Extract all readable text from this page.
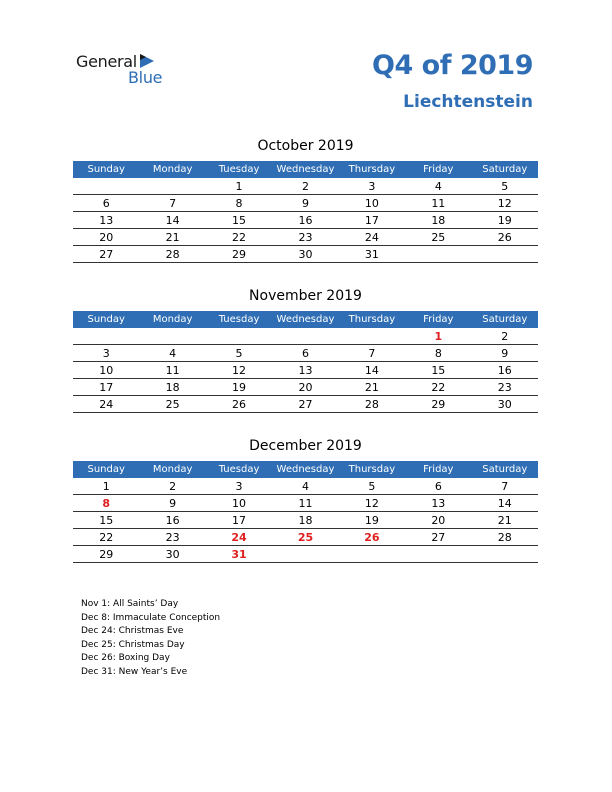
General
Blue	Q4 of 2019
Liechtenstein
October 2019
Sunday	Monday	Tuesday	Wednesday	Thursday	Friday	Saturday
		1	2	3	4	5
6	7	8	9	10	11	12
13	14	15	16	17	18	19
20	21	22	23	24	25	26
27	28	29	30	31		
November 2019
Sunday	Monday	Tuesday	Wednesday	Thursday	Friday	Saturday
					1	2
3	4	5	6	7	8	9
10	11	12	13	14	15	16
17	18	19	20	21	22	23
24	25	26	27	28	29	30
December 2019
Sunday	Monday	Tuesday	Wednesday	Thursday	Friday	Saturday
1	2	3	4	5	6	7
8	9	10	11	12	13	14
15	16	17	18	19	20	21
22	23	24	25	26	27	28
29	30	31				
Nov 1: All Saints’ Day
Dec 8: Immaculate Conception
Dec 24: Christmas Eve
Dec 25: Christmas Day
Dec 26: Boxing Day
Dec 31: New Year’s Eve
